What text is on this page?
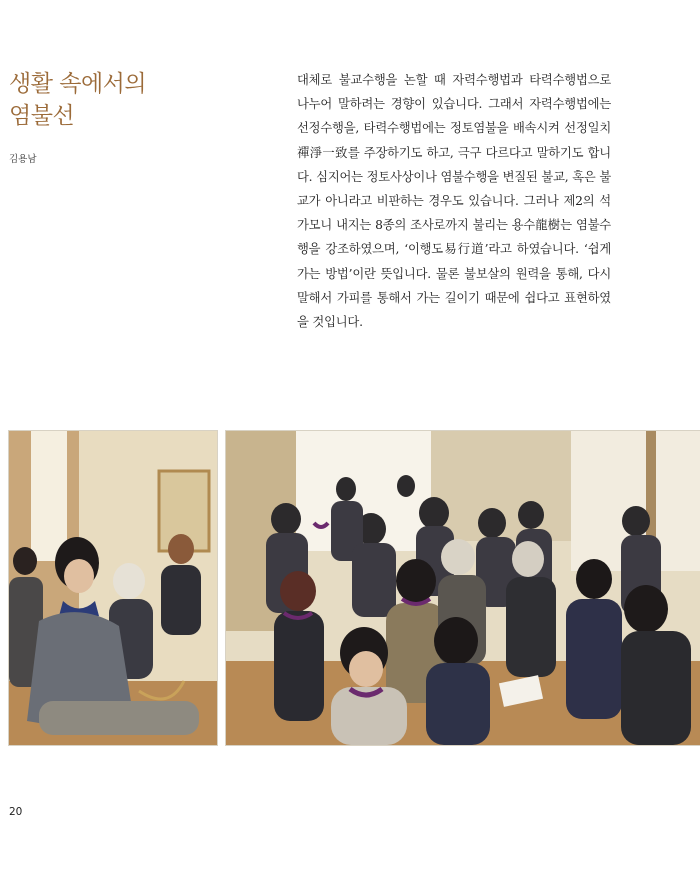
생활 속에서의
염불선
김용남

대체로 불교수행을 논할 때 자력수행법과 타력수행법으로 나누어 말하려는 경향이 있습니다. 그래서 자력수행법에는 선정수행을, 타력수행법에는 정토염불을 배속시켜 선정일치禪淨一致를 주장하기도 하고, 극구 다르다고 말하기도 합니다. 심지어는 정토사상이나 염불수행을 변질된 불교, 혹은 불교가 아니라고 비판하는 경우도 있습니다. 그러나 제2의 석가모니 내지는 8종의 조사로까지 불리는 용수龍樹는 염불수행을 강조하였으며, ‘이행도易行道’라고 하였습니다. ‘쉽게 가는 방법’이란 뜻입니다. 물론 불보살의 원력을 통해, 다시 말해서 가피를 통해서 가는 길이기 때문에 쉽다고 표현하였을 것입니다.

20
